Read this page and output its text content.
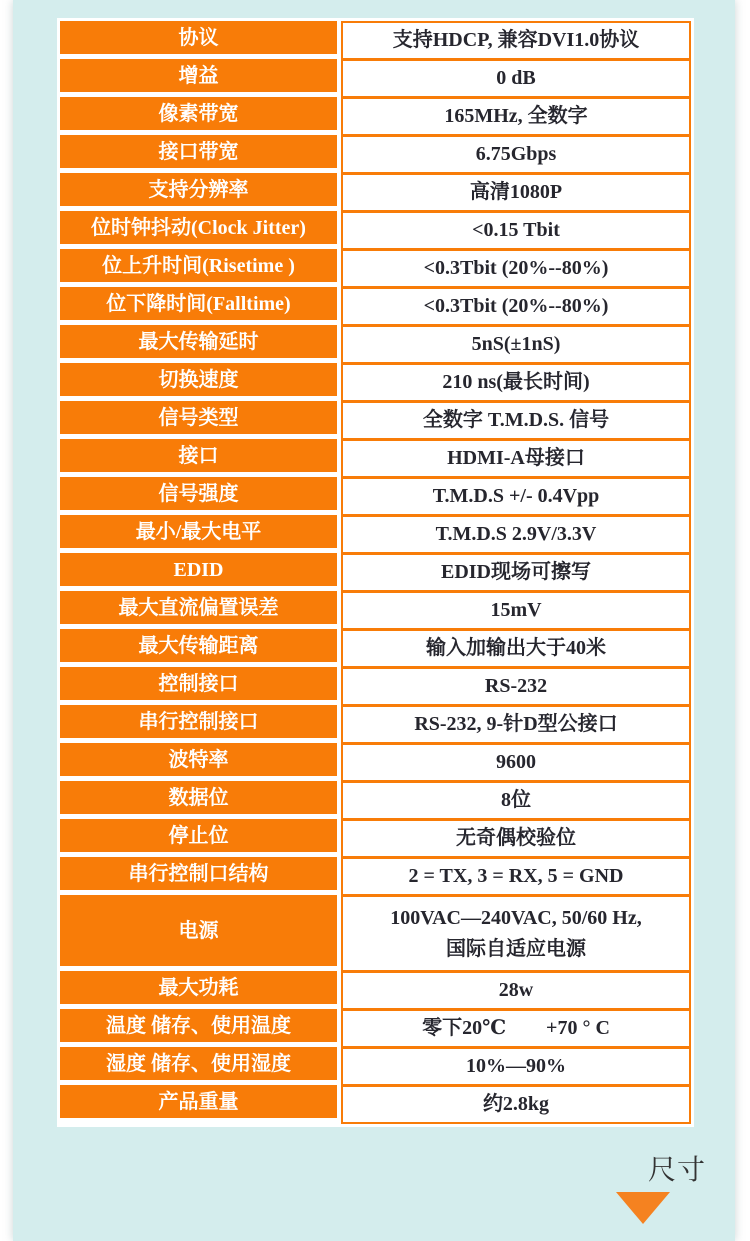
协议
增益
像素带宽
接口带宽
支持分辨率
位时钟抖动(Clock Jitter)
位上升时间(Risetime )
位下降时间(Falltime)
最大传输延时
切换速度
信号类型
接口
信号强度
最小/最大电平
EDID
最大直流偏置误差
最大传输距离
控制接口
串行控制接口
波特率
数据位
停止位
串行控制口结构
电源
最大功耗
温度 储存、使用温度
湿度 储存、使用湿度
产品重量
支持HDCP, 兼容DVI1.0协议
0 dB
165MHz, 全数字
6.75Gbps
高清1080P
<0.15 Tbit
<0.3Tbit (20%--80%)
<0.3Tbit (20%--80%)
5nS(±1nS)
210 ns(最长时间)
全数字 T.M.D.S. 信号
HDMI-A母接口
T.M.D.S +/- 0.4Vpp
T.M.D.S 2.9V/3.3V
EDID现场可擦写
15mV
输入加输出大于40米
RS-232
RS-232, 9-针D型公接口
9600
8位
无奇偶校验位
2 = TX, 3 = RX, 5 = GND
100VAC—240VAC, 50/60 Hz,
国际自适应电源
28w
零下20℃　　+70 ° C
10%—90%
约2.8kg
尺寸
